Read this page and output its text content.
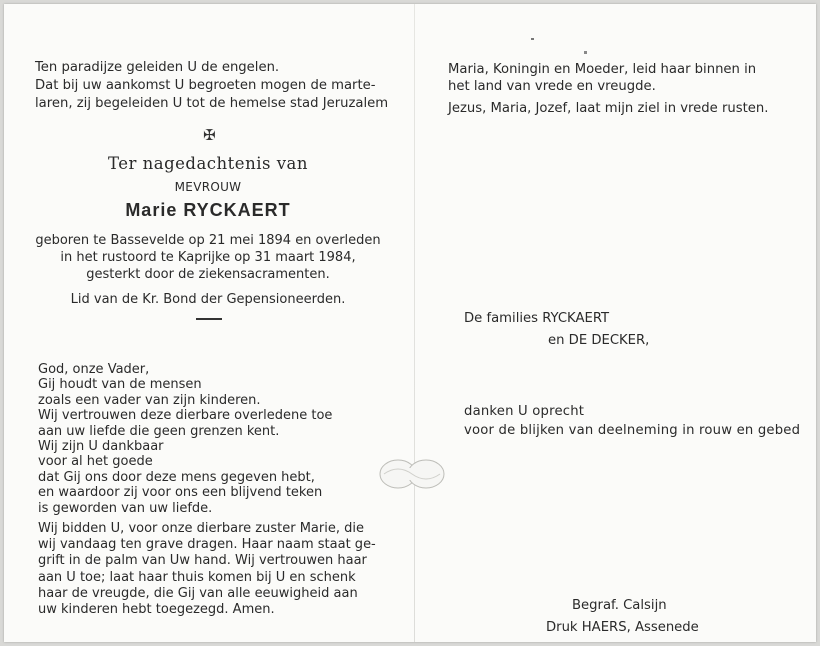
Ten paradijze geleiden U de engelen.
Dat bij uw aankomst U begroeten mogen de marte-
laren, zij begeleiden U tot de hemelse stad Jeruzalem
✠
Ter nagedachtenis van
MEVROUW
Marie RYCKAERT
geboren te Bassevelde op 21 mei 1894 en overleden
in het rustoord te Kaprijke op 31 maart 1984,
gesterkt door de ziekensacramenten.
Lid van de Kr. Bond der Gepensioneerden.
God, onze Vader,
Gij houdt van de mensen
zoals een vader van zijn kinderen.
Wij vertrouwen deze dierbare overledene toe
aan uw liefde die geen grenzen kent.
Wij zijn U dankbaar
voor al het goede
dat Gij ons door deze mens gegeven hebt,
en waardoor zij voor ons een blijvend teken
is geworden van uw liefde.
Wij bidden U, voor onze dierbare zuster Marie, die
wij vandaag ten grave dragen. Haar naam staat ge-
grift in de palm van Uw hand. Wij vertrouwen haar
aan U toe; laat haar thuis komen bij U en schenk
haar de vreugde, die Gij van alle eeuwigheid aan
uw kinderen hebt toegezegd. Amen.
Maria, Koningin en Moeder, leid haar binnen in
het land van vrede en vreugde.
Jezus, Maria, Jozef, laat mijn ziel in vrede rusten.
De families RYCKAERT
en DE DECKER,
danken U oprecht
voor de blijken van deelneming in rouw en gebed
Begraf. Calsijn
Druk HAERS, Assenede
